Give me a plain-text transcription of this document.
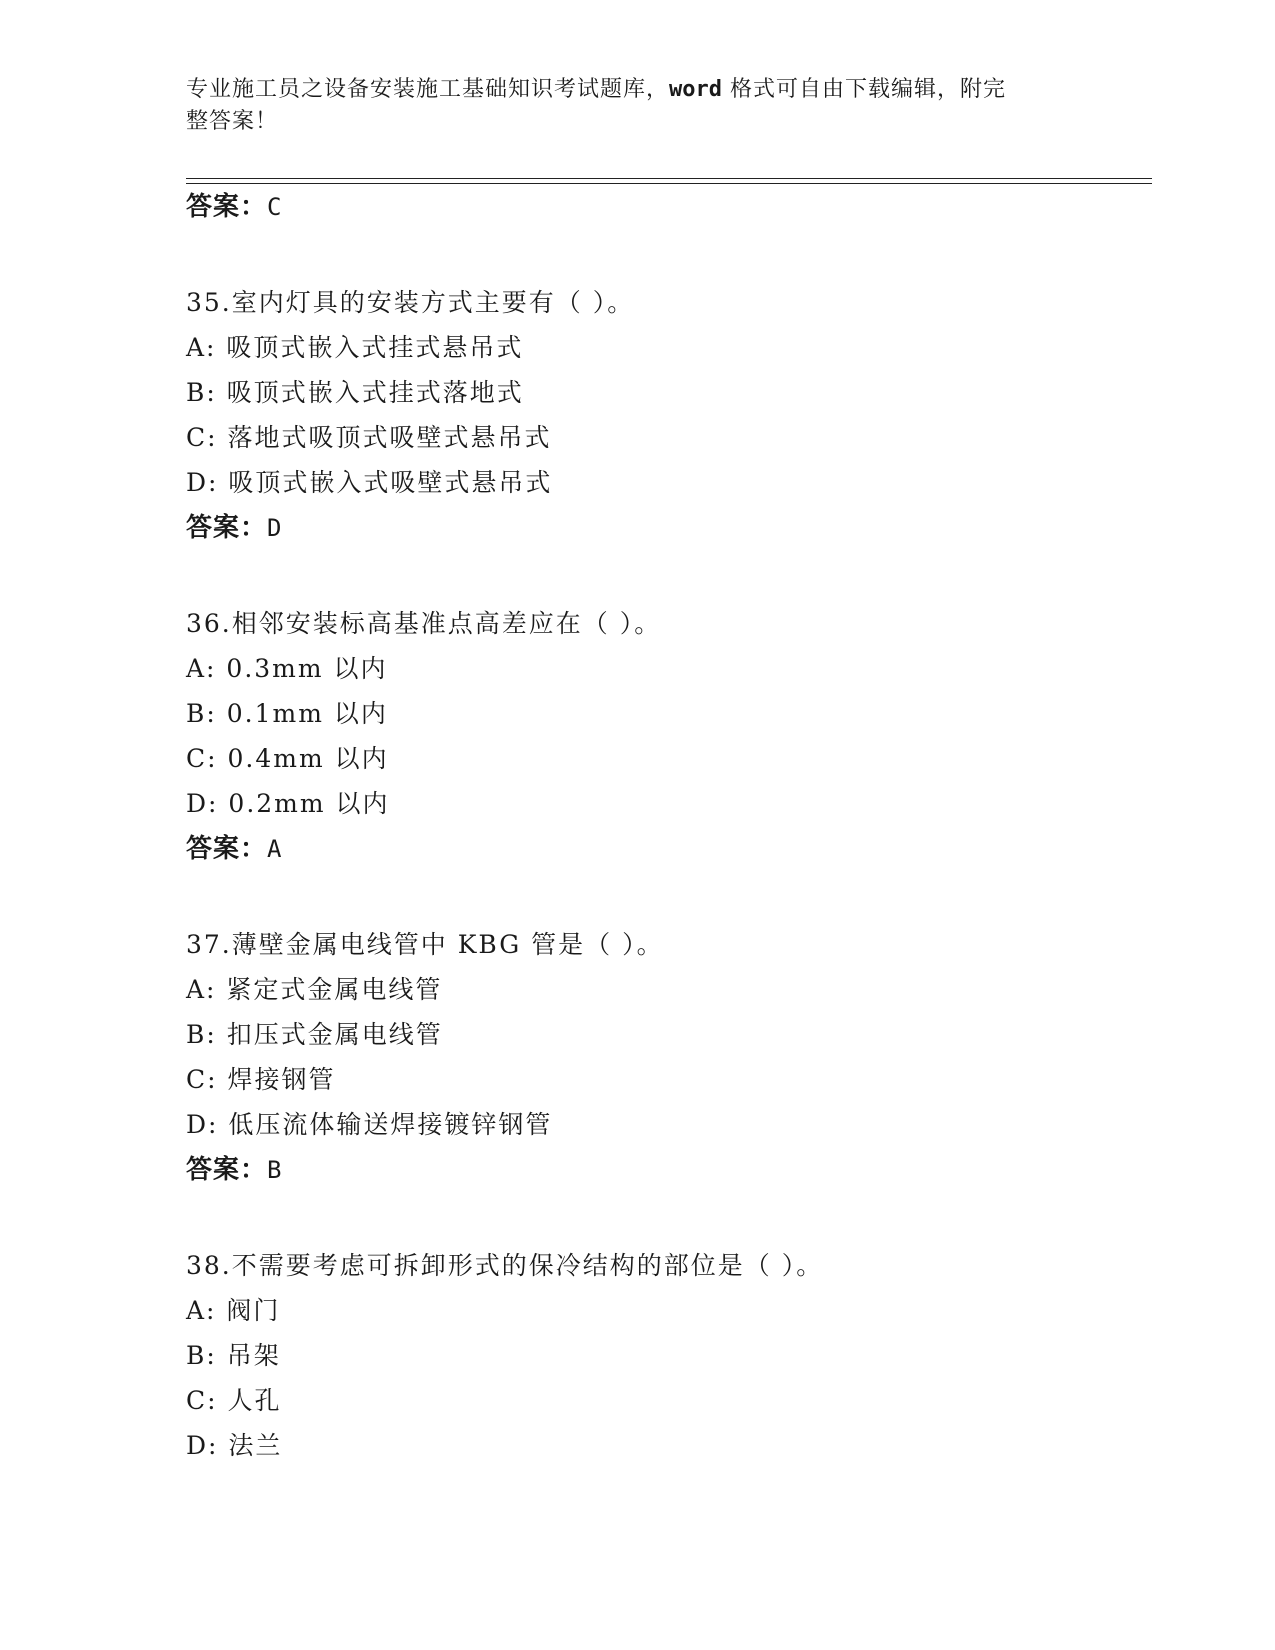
专业施工员之设备安装施工基础知识考试题库，word 格式可自由下载编辑，附完
整答案！
答案：C
35.室内灯具的安装方式主要有（ ）。
A: 吸顶式嵌入式挂式悬吊式
B: 吸顶式嵌入式挂式落地式
C: 落地式吸顶式吸壁式悬吊式
D: 吸顶式嵌入式吸壁式悬吊式
答案：D
36.相邻安装标高基准点高差应在（ ）。
A: 0.3mm 以内
B: 0.1mm 以内
C: 0.4mm 以内
D: 0.2mm 以内
答案：A
37.薄壁金属电线管中 KBG 管是（ ）。
A: 紧定式金属电线管
B: 扣压式金属电线管
C: 焊接钢管
D: 低压流体输送焊接镀锌钢管
答案：B
38.不需要考虑可拆卸形式的保冷结构的部位是（ ）。
A: 阀门
B: 吊架
C: 人孔
D: 法兰
